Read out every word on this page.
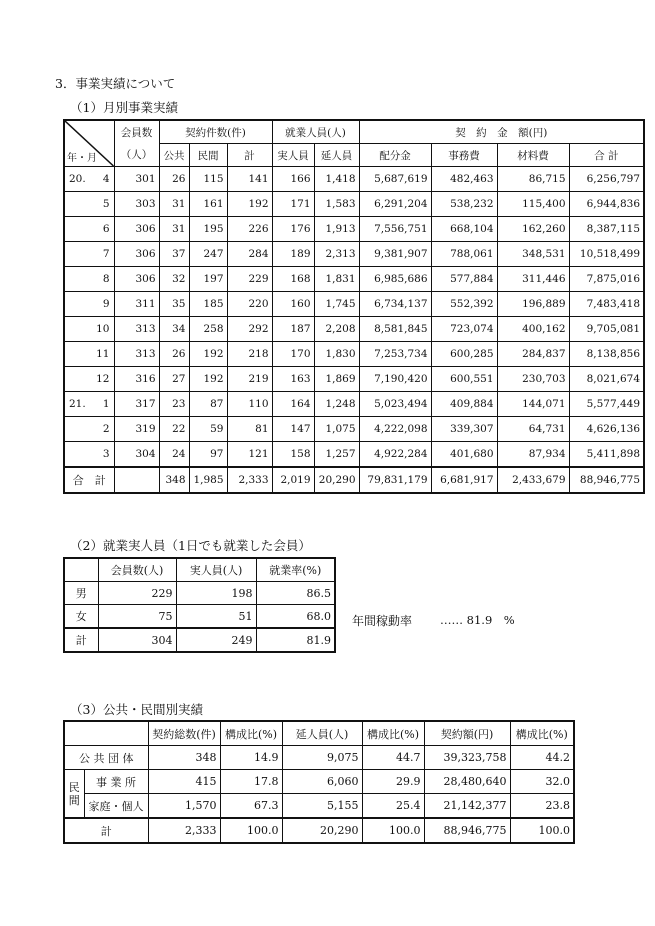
3．事業実績について
（1）月別事業実績
年・月	会員数	契約件数(件)			就業人員(人)		契　約　金　額(円)			
	（人）	公共	民間	計	実人員	延人員	配分金	事務費	材料費	合 計

20. 4	301	26	115	141	166	1,418	5,687,619	482,463	86,715	6,256,797

5	303	31	161	192	171	1,583	6,291,204	538,232	115,400	6,944,836

6	306	31	195	226	176	1,913	7,556,751	668,104	162,260	8,387,115

7	306	37	247	284	189	2,313	9,381,907	788,061	348,531	10,518,499

8	306	32	197	229	168	1,831	6,985,686	577,884	311,446	7,875,016

9	311	35	185	220	160	1,745	6,734,137	552,392	196,889	7,483,418

10	313	34	258	292	187	2,208	8,581,845	723,074	400,162	9,705,081

11	313	26	192	218	170	1,830	7,253,734	600,285	284,837	8,138,856

12	316	27	192	219	163	1,869	7,190,420	600,551	230,703	8,021,674

21. 1	317	23	87	110	164	1,248	5,023,494	409,884	144,071	5,577,449

2	319	22	59	81	147	1,075	4,222,098	339,307	64,731	4,626,136

3	304	24	97	121	158	1,257	4,922,284	401,680	87,934	5,411,898
合　計		348	1,985	2,333	2,019	20,290	79,831,179	6,681,917	2,433,679	88,946,775
（2）就業実人員（1日でも就業した会員）
	会員数(人)	実人員(人)	就業率(%)
男	229	198	86.5
女	75	51	68.0
計	304	249	81.9
年間稼動率 …… 81.9　%
（3）公共・民間別実績
		契約総数(件)	構成比(%)	延人員(人)	構成比(%)	契約額(円)	構成比(%)
公 共 団 体		348	14.9	9,075	44.7	39,323,758	44.2
民間	事 業 所	415	17.8	6,060	29.9	28,480,640	32.0
	家庭・個人	1,570	67.3	5,155	25.4	21,142,377	23.8
計		2,333	100.0	20,290	100.0	88,946,775	100.0
